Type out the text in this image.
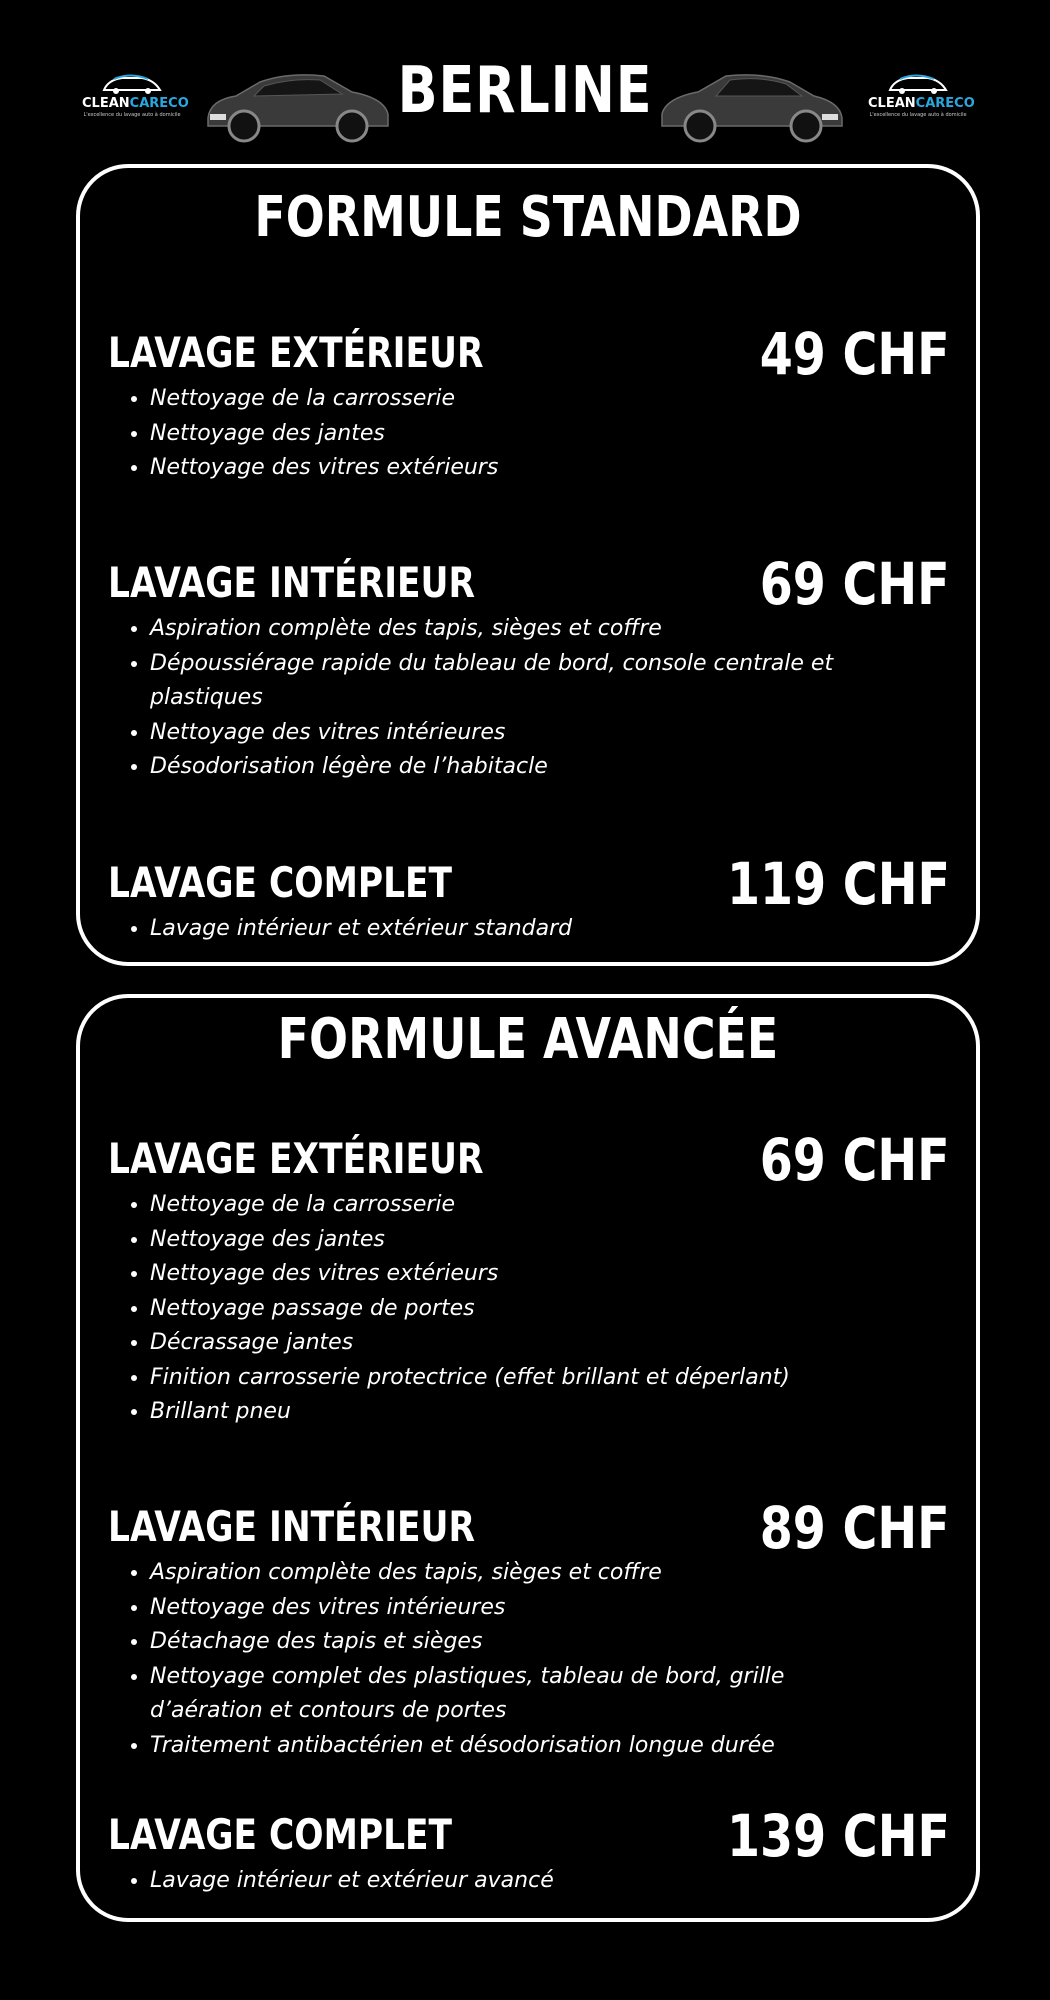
CLEANCARECO
L'excellence du lavage auto à domicile	BERLINE	CLEANCARECO
L'excellence du lavage auto à domicile
FORMULE STANDARD
LAVAGE EXTÉRIEUR	49 CHF
• Nettoyage de la carrosserie
• Nettoyage des jantes
• Nettoyage des vitres extérieurs
LAVAGE INTÉRIEUR	69 CHF
• Aspiration complète des tapis, sièges et coffre
• Dépoussiérage rapide du tableau de bord, console centrale et plastiques
• Nettoyage des vitres intérieures
• Désodorisation légère de l’habitacle
LAVAGE COMPLET	119 CHF
• Lavage intérieur et extérieur standard
FORMULE AVANCÉE
LAVAGE EXTÉRIEUR	69 CHF
• Nettoyage de la carrosserie
• Nettoyage des jantes
• Nettoyage des vitres extérieurs
• Nettoyage passage de portes
• Décrassage jantes
• Finition carrosserie protectrice (effet brillant et déperlant)
• Brillant pneu
LAVAGE INTÉRIEUR	89 CHF
• Aspiration complète des tapis, sièges et coffre
• Nettoyage des vitres intérieures
• Détachage des tapis et sièges
• Nettoyage complet des plastiques, tableau de bord, grille d’aération et contours de portes
• Traitement antibactérien et désodorisation longue durée
LAVAGE COMPLET	139 CHF
• Lavage intérieur et extérieur avancé
